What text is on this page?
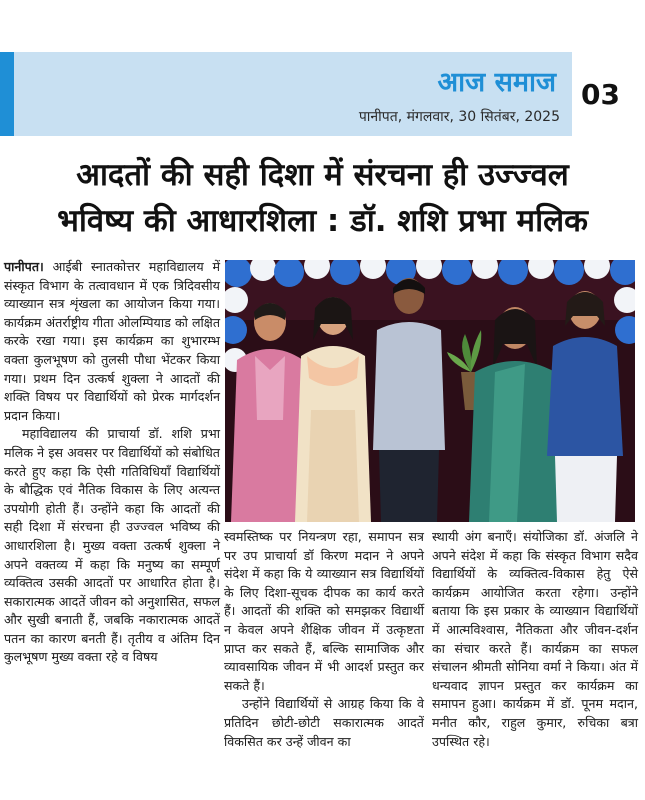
आज समाज
पानीपत, मंगलवार, 30 सितंबर, 2025
03
आदतों की सही दिशा में संरचना ही उज्ज्वल
भविष्य की आधारशिला : डॉ. शशि प्रभा मलिक

पानीपत। आईबी स्नातकोत्तर महाविद्यालय में संस्कृत विभाग के तत्वावधान में एक त्रिदिवसीय व्याख्यान सत्र शृंखला का आयोजन किया गया। कार्यक्रम अंतर्राष्ट्रीय गीता ओलम्पियाड को लक्षित करके रखा गया। इस कार्यक्रम का शुभारम्भ वक्ता कुलभूषण को तुलसी पौधा भेंटकर किया गया। प्रथम दिन उत्कर्ष शुक्ला ने आदतों की शक्ति विषय पर विद्यार्थियों को प्रेरक मार्गदर्शन प्रदान किया।

महाविद्यालय की प्राचार्या डॉ. शशि प्रभा मलिक ने इस अवसर पर विद्यार्थियों को संबोधित करते हुए कहा कि ऐसी गतिविधियाँ विद्यार्थियों के बौद्धिक एवं नैतिक विकास के लिए अत्यन्त उपयोगी होती हैं। उन्होंने कहा कि आदतों की सही दिशा में संरचना ही उज्ज्वल भविष्य की आधारशिला है। मुख्य वक्ता उत्कर्ष शुक्ला ने अपने वक्तव्य में कहा कि मनुष्य का सम्पूर्ण व्यक्तित्व उसकी आदतों पर आधारित होता है। सकारात्मक आदतें जीवन को अनुशासित, सफल और सुखी बनाती हैं, जबकि नकारात्मक आदतें पतन का कारण बनती हैं। तृतीय व अंतिम दिन कुलभूषण मुख्य वक्ता रहे व विषय

स्वमस्तिष्क पर नियन्त्रण रहा, समापन सत्र पर उप प्राचार्या डॉ किरण मदान ने अपने संदेश में कहा कि ये व्याख्यान सत्र विद्यार्थियों के लिए दिशा-सूचक दीपक का कार्य करते हैं। आदतों की शक्ति को समझकर विद्यार्थी न केवल अपने शैक्षिक जीवन में उत्कृष्टता प्राप्त कर सकते हैं, बल्कि सामाजिक और व्यावसायिक जीवन में भी आदर्श प्रस्तुत कर सकते हैं।

उन्होंने विद्यार्थियों से आग्रह किया कि वे प्रतिदिन छोटी-छोटी सकारात्मक आदतें विकसित कर उन्हें जीवन का

स्थायी अंग बनाएँ। संयोजिका डॉ. अंजलि ने अपने संदेश में कहा कि संस्कृत विभाग सदैव विद्यार्थियों के व्यक्तित्व-विकास हेतु ऐसे कार्यक्रम आयोजित करता रहेगा। उन्होंने बताया कि इस प्रकार के व्याख्यान विद्यार्थियों में आत्मविश्वास, नैतिकता और जीवन-दर्शन का संचार करते हैं। कार्यक्रम का सफल संचालन श्रीमती सोनिया वर्मा ने किया। अंत में धन्यवाद ज्ञापन प्रस्तुत कर कार्यक्रम का समापन हुआ। कार्यक्रम में डॉ. पूनम मदान, मनीत कौर, राहुल कुमार, रुचिका बत्रा उपस्थित रहे।
